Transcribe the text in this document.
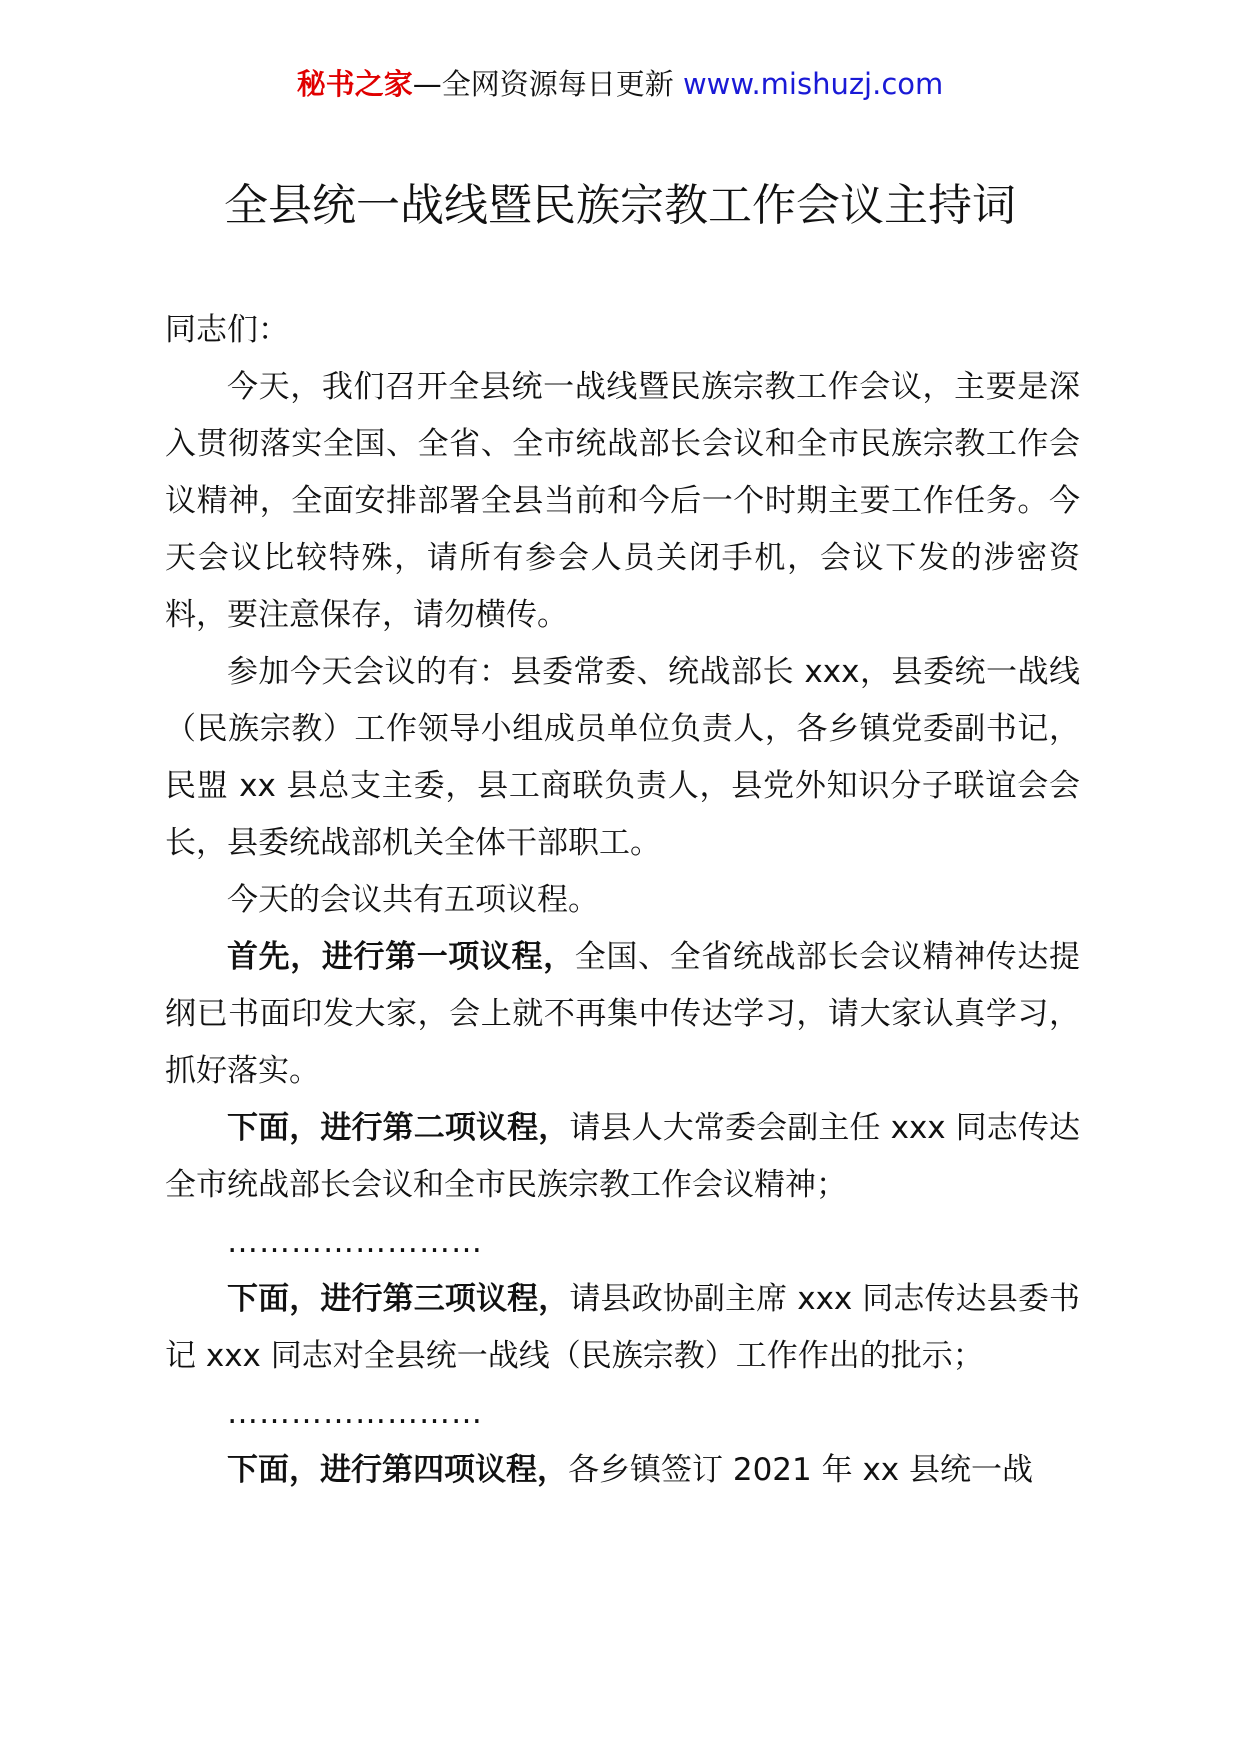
秘书之家—全网资源每日更新 www.mishuzj.com
全县统一战线暨民族宗教工作会议主持词

同志们：

今天，我们召开全县统一战线暨民族宗教工作会议，主要是深入贯彻落实全国、全省、全市统战部长会议和全市民族宗教工作会议精神，全面安排部署全县当前和今后一个时期主要工作任务。今天会议比较特殊，请所有参会人员关闭手机，会议下发的涉密资料，要注意保存，请勿横传。

参加今天会议的有：县委常委、统战部长 xxx，县委统一战线（民族宗教）工作领导小组成员单位负责人，各乡镇党委副书记，民盟 xx 县总支主委，县工商联负责人，县党外知识分子联谊会会长，县委统战部机关全体干部职工。

今天的会议共有五项议程。

首先，进行第一项议程，全国、全省统战部长会议精神传达提纲已书面印发大家，会上就不再集中传达学习，请大家认真学习，抓好落实。

下面，进行第二项议程，请县人大常委会副主任 xxx 同志传达全市统战部长会议和全市民族宗教工作会议精神；

……………………

下面，进行第三项议程，请县政协副主席 xxx 同志传达县委书记 xxx 同志对全县统一战线（民族宗教）工作作出的批示；

……………………

下面，进行第四项议程，各乡镇签订 2021 年 xx 县统一战
